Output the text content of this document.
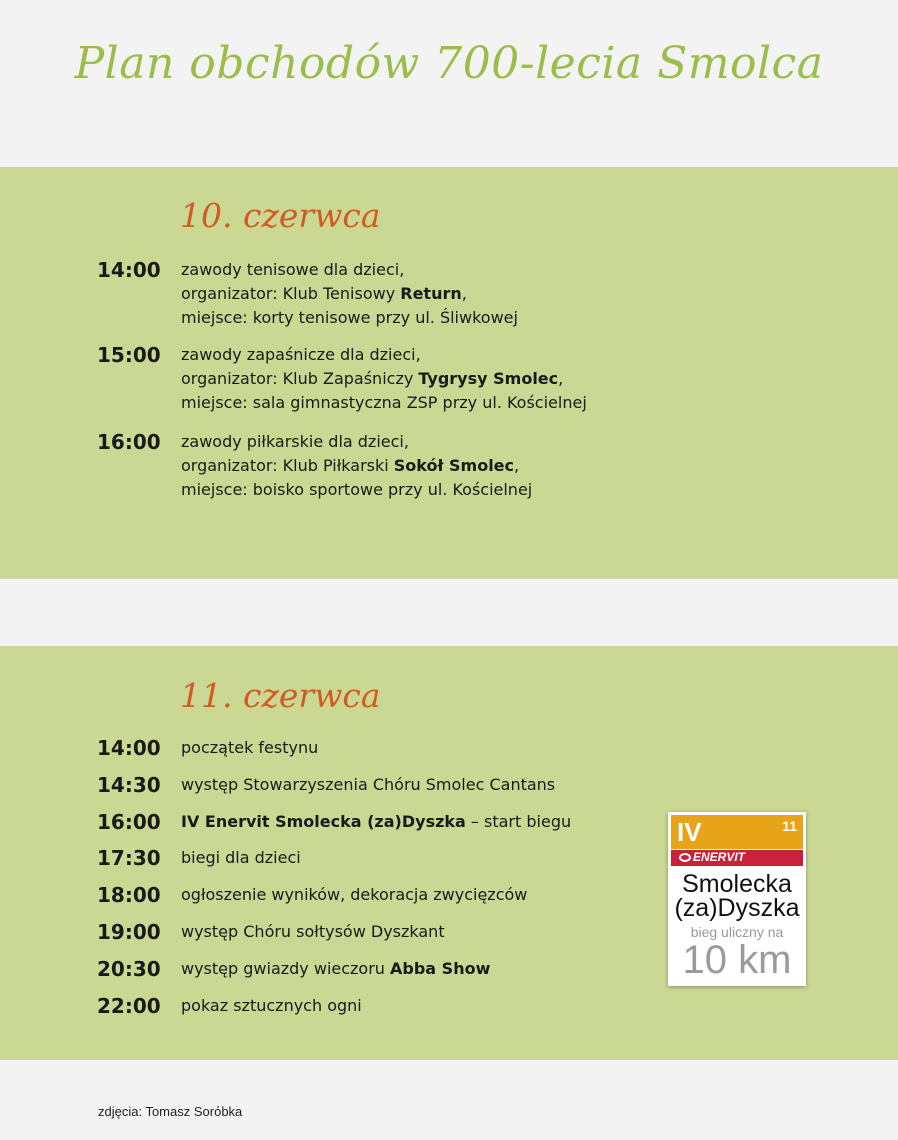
Plan obchodów 700-lecia Smolca
10. czerwca
11. czerwca
14:00	zawody tenisowe dla dzieci,
organizator: Klub Tenisowy Return,
miejsce: korty tenisowe przy ul. Śliwkowej
15:00	zawody zapaśnicze dla dzieci,
organizator: Klub Zapaśniczy Tygrysy Smolec,
miejsce: sala gimnastyczna ZSP przy ul. Kościelnej
16:00	zawody piłkarskie dla dzieci,
organizator: Klub Piłkarski Sokół Smolec,
miejsce: boisko sportowe przy ul. Kościelnej
14:00	początek festynu
14:30	występ Stowarzyszenia Chóru Smolec Cantans
16:00	IV Enervit Smolecka (za)Dyszka – start biegu
17:30	biegi dla dzieci
18:00	ogłoszenie wyników, dekoracja zwycięzców
19:00	występ Chóru sołtysów Dyszkant
20:30	występ gwiazdy wieczoru Abba Show
22:00	pokaz sztucznych ogni
IV	11
ENERVIT
Smolecka
(za)Dyszka
bieg uliczny na
10 km
zdjęcia: Tomasz Sorόbka
